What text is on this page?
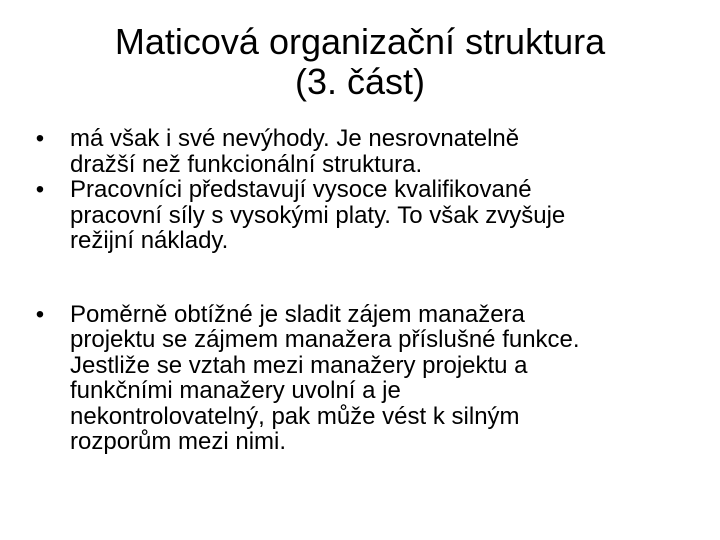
Maticová organizační struktura
(3. část)

• má však i své nevýhody. Je nesrovnatelně
dražší než funkcionální struktura.

• Pracovníci představují vysoce kvalifikované
pracovní síly s vysokými platy. To však zvyšuje
režijní náklady.

• Poměrně obtížné je sladit zájem manažera
projektu se zájmem manažera příslušné funkce.
Jestliže se vztah mezi manažery projektu a
funkčními manažery uvolní a je
nekontrolovatelný, pak může vést k silným
rozporům mezi nimi.
